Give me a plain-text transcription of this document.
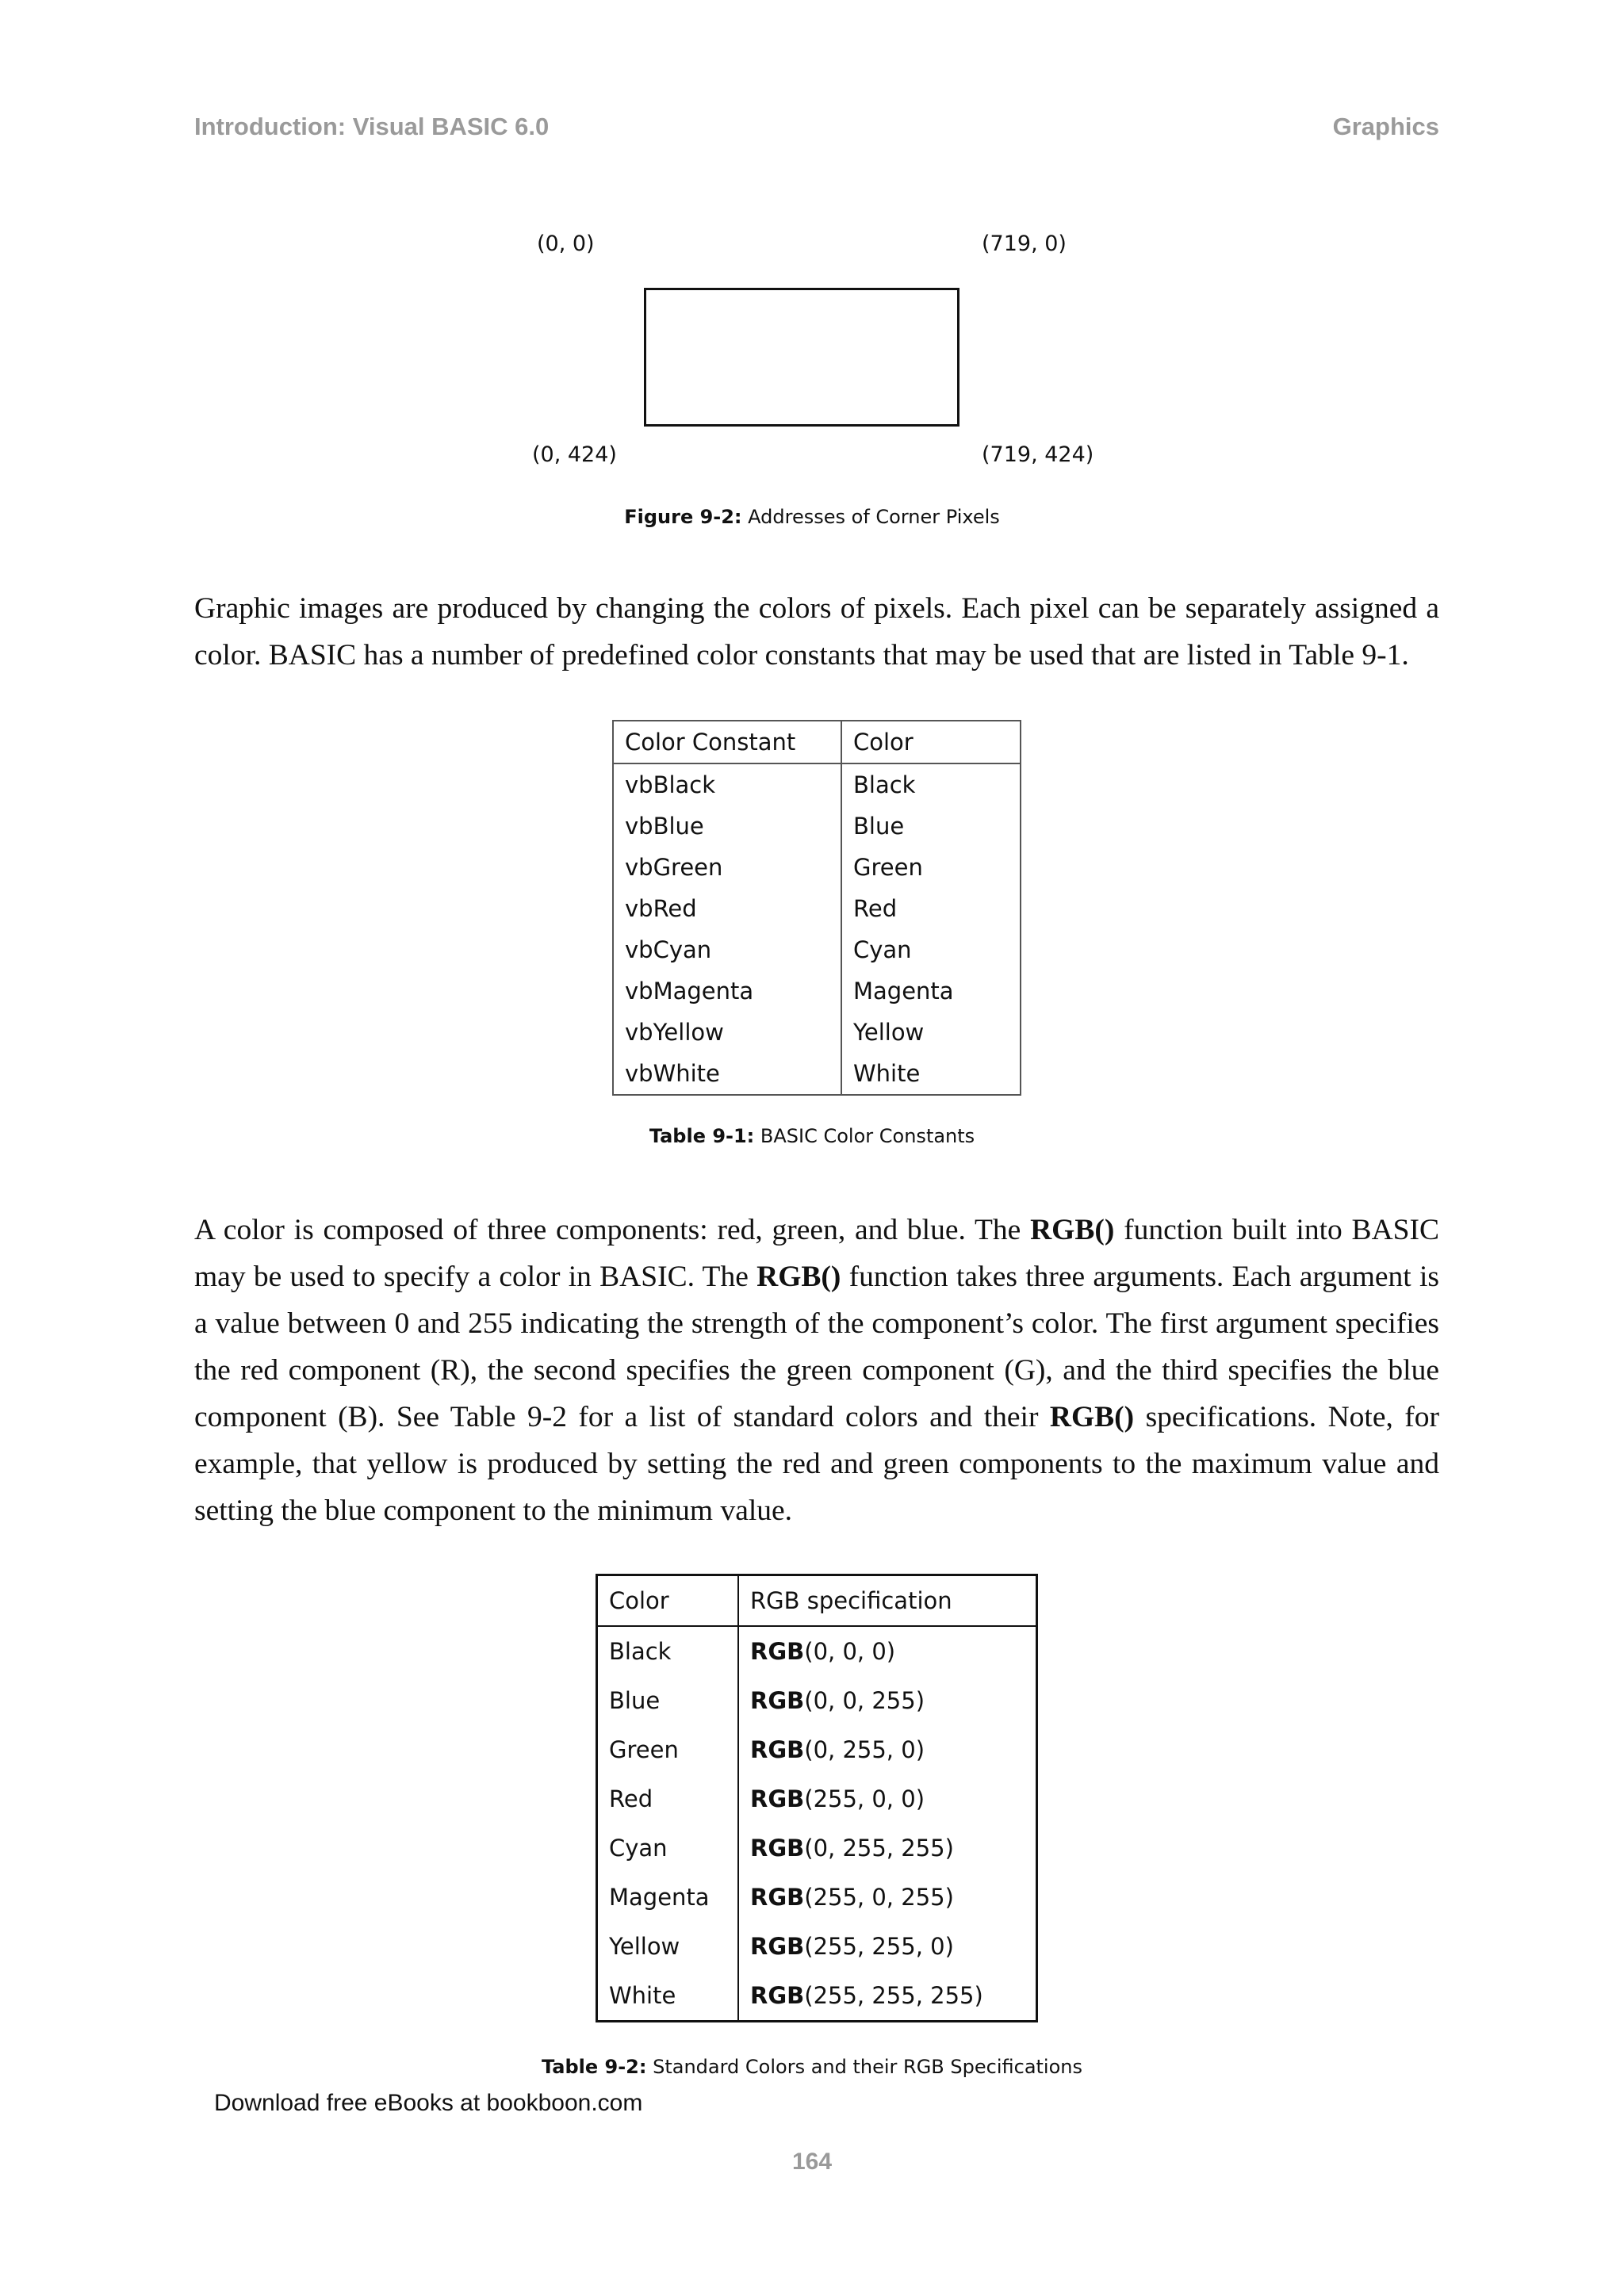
Introduction: Visual BASIC 6.0	Graphics
(0, 0)	(719, 0)
(0, 424)	(719, 424)
Figure 9-2: Addresses of Corner Pixels

Graphic images are produced by changing the colors of pixels. Each pixel can be separately assigned a color. BASIC has a number of predefined color constants that may be used that are listed in Table 9-1.

Color Constant	Color
vbBlack	Black
vbBlue	Blue
vbGreen	Green
vbRed	Red
vbCyan	Cyan
vbMagenta	Magenta
vbYellow	Yellow
vbWhite	White
Table 9-1: BASIC Color Constants

A color is composed of three components: red, green, and blue. The RGB() function built into BASIC may be used to specify a color in BASIC. The RGB() function takes three arguments. Each argument is a value between 0 and 255 indicating the strength of the component’s color. The first argument specifies the red component (R), the second specifies the green component (G), and the third specifies the blue component (B). See Table 9-2 for a list of standard colors and their RGB() specifications. Note, for example, that yellow is produced by setting the red and green components to the maximum value and setting the blue component to the minimum value.

Color	RGB specification
Black	RGB(0, 0, 0)
Blue	RGB(0, 0, 255)
Green	RGB(0, 255, 0)
Red	RGB(255, 0, 0)
Cyan	RGB(0, 255, 255)
Magenta	RGB(255, 0, 255)
Yellow	RGB(255, 255, 0)
White	RGB(255, 255, 255)
Table 9-2: Standard Colors and their RGB Specifications
Download free eBooks at bookboon.com
164
